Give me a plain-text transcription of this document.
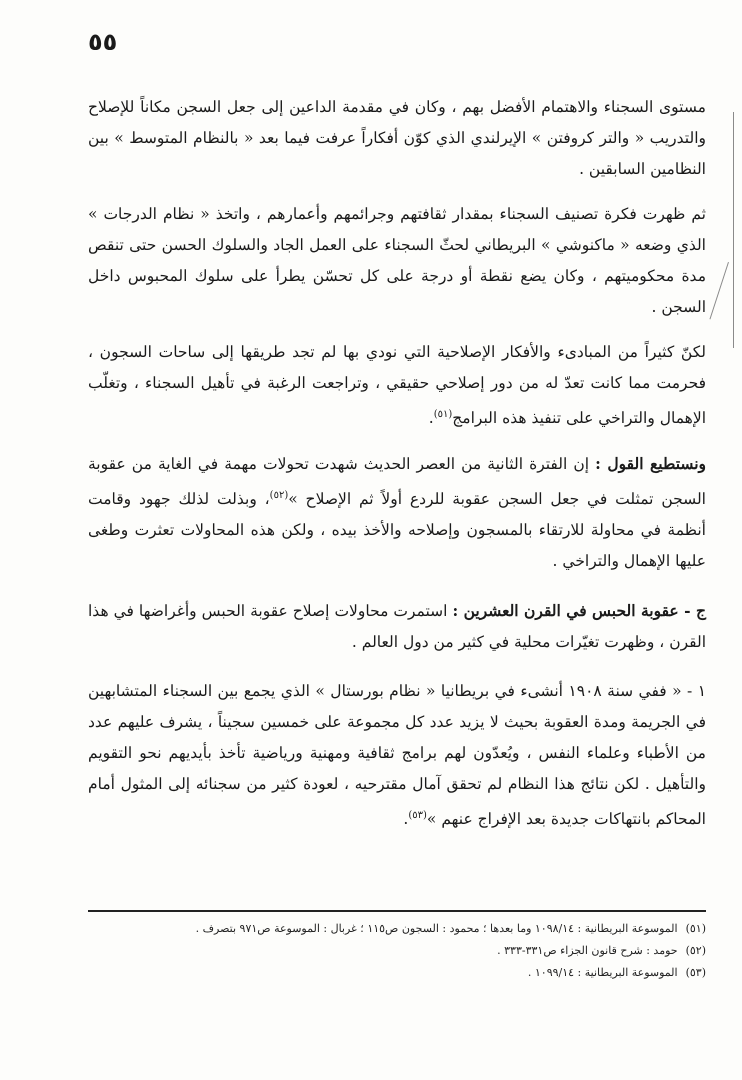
٥٥

مستوى السجناء والاهتمام الأفضل بهم ، وكان في مقدمة الداعين إلى جعل السجن مكاناً للإصلاح والتدريب « والتر كروفتن » الإيرلندي الذي كوّن أفكاراً عرفت فيما بعد « بالنظام المتوسط » بين النظامين السابقين .

ثم ظهرت فكرة تصنيف السجناء بمقدار ثقافتهم وجرائمهم وأعمارهم ، واتخذ « نظام الدرجات » الذي وضعه « ماكنوشي » البريطاني لحثّ السجناء على العمل الجاد والسلوك الحسن حتى تنقص مدة محكوميتهم ، وكان يضع نقطة أو درجة على كل تحسّن يطرأ على سلوك المحبوس داخل السجن .

لكنّ كثيراً من المبادىء والأفكار الإصلاحية التي نودي بها لم تجد طريقها إلى ساحات السجون ، فحرمت مما كانت تعدّ له من دور إصلاحي حقيقي ، وتراجعت الرغبة في تأهيل السجناء ، وتغلّب الإهمال والتراخي على تنفيذ هذه البرامج$^{(٥١)}$.

ونستطيع القول : إن الفترة الثانية من العصر الحديث شهدت تحولات مهمة في الغاية من عقوبة السجن تمثلت في جعل السجن عقوبة للردع أولاً ثم الإصلاح »$^{(٥٢)}$، وبذلت لذلك جهود وقامت أنظمة في محاولة للارتقاء بالمسجون وإصلاحه والأخذ بيده ، ولكن هذه المحاولات تعثرت وطغى عليها الإهمال والتراخي .

ج - عقوبة الحبس في القرن العشرين : استمرت محاولات إصلاح عقوبة الحبس وأغراضها في هذا القرن ، وظهرت تغيّرات محلية في كثير من دول العالم .

١ - « ففي سنة ١٩٠٨ أنشىء في بريطانيا « نظام بورستال » الذي يجمع بين السجناء المتشابهين في الجريمة ومدة العقوبة بحيث لا يزيد عدد كل مجموعة على خمسين سجيناً ، يشرف عليهم عدد من الأطباء وعلماء النفس ، ويُعدّون لهم برامج ثقافية ومهنية ورياضية تأخذ بأيديهم نحو التقويم والتأهيل . لكن نتائج هذا النظام لم تحقق آمال مقترحيه ، لعودة كثير من سجنائه إلى المثول أمام المحاكم بانتهاكات جديدة بعد الإفراج عنهم »$^{(٥٣)}$.

(٥١)الموسوعة البريطانية : ١٠٩٨/١٤ وما بعدها ؛ محمود : السجون ص١١٥ ؛ غربال : الموسوعة ص٩٧١ بتصرف .

(٥٢)حومد : شرح قانون الجزاء ص٣٣١-٣٣٣ .

(٥٣)الموسوعة البريطانية : ١٠٩٩/١٤ .
